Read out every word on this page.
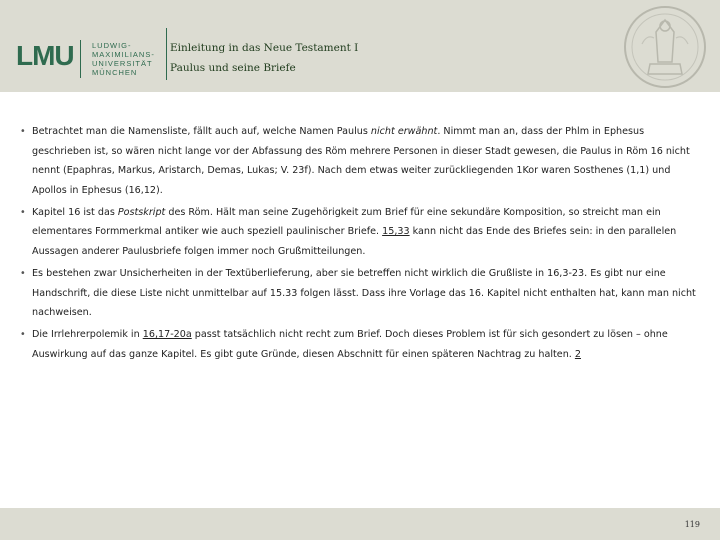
LMU LUDWIG-
MAXIMILIANS-
UNIVERSITÄT
MÜNCHEN
Einleitung in das Neue Testament I
Paulus und seine Briefe
• Betrachtet man die Namensliste, fällt auch auf, welche Namen Paulus nicht erwähnt. Nimmt man an, dass der Phlm in Ephesus geschrieben ist, so wären nicht lange vor der Abfassung des Röm mehrere Personen in dieser Stadt gewesen, die Paulus in Röm 16 nicht nennt (Epaphras, Markus, Aristarch, Demas, Lukas; V. 23f). Nach dem etwas weiter zurückliegenden 1Kor waren Sosthenes (1,1) und Apollos in Ephesus (16,12).
• Kapitel 16 ist das Postskript des Röm. Hält man seine Zugehörigkeit zum Brief für eine sekundäre Komposition, so streicht man ein elementares Formmerkmal antiker wie auch speziell paulinischer Briefe. 15,33 kann nicht das Ende des Briefes sein: in den parallelen Aussagen anderer Paulusbriefe folgen immer noch Grußmitteilungen.
• Es bestehen zwar Unsicherheiten in der Textüberlieferung, aber sie betreffen nicht wirklich die Grußliste in 16,3-23. Es gibt nur eine Handschrift, die diese Liste nicht unmittelbar auf 15.33 folgen lässt. Dass ihre Vorlage das 16. Kapitel nicht enthalten hat, kann man nicht nachweisen.
• Die Irrlehrerpolemik in 16,17-20a passt tatsächlich nicht recht zum Brief. Doch dieses Problem ist für sich gesondert zu lösen – ohne Auswirkung auf das ganze Kapitel. Es gibt gute Gründe, diesen Abschnitt für einen späteren Nachtrag zu halten. 2
119
